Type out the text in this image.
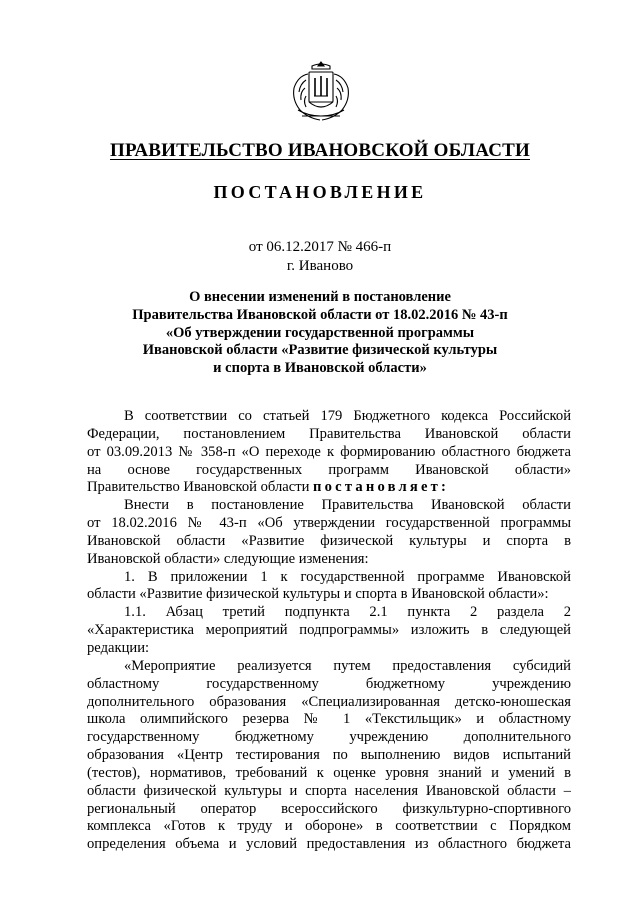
ПРАВИТЕЛЬСТВО ИВАНОВСКОЙ ОБЛАСТИ
ПОСТАНОВЛЕНИЕ
от 06.12.2017 № 466-п
г. Иваново
О внесении изменений в постановление
Правительства Ивановской области от 18.02.2016 № 43-п
«Об утверждении государственной программы
Ивановской области «Развитие физической культуры
и спорта в Ивановской области»
В соответствии со статьей 179 Бюджетного кодекса Российской
Федерации, постановлением Правительства Ивановской области
от 03.09.2013 № 358-п «О переходе к формированию областного бюджета
на основе государственных программ Ивановской области»
Правительство Ивановской области постановляет:
Внести в постановление Правительства Ивановской области
от 18.02.2016 № 43-п «Об утверждении государственной программы
Ивановской области «Развитие физической культуры и спорта в
Ивановской области» следующие изменения:
1. В приложении 1 к государственной программе Ивановской
области «Развитие физической культуры и спорта в Ивановской области»:
1.1. Абзац третий подпункта 2.1 пункта 2 раздела 2
«Характеристика мероприятий подпрограммы» изложить в следующей
редакции:
«Мероприятие реализуется путем предоставления субсидий
областному государственному бюджетному учреждению
дополнительного образования «Специализированная детско-юношеская
школа олимпийского резерва № 1 «Текстильщик» и областному
государственному бюджетному учреждению дополнительного
образования «Центр тестирования по выполнению видов испытаний
(тестов), нормативов, требований к оценке уровня знаний и умений в
области физической культуры и спорта населения Ивановской области –
региональный оператор всероссийского физкультурно-спортивного
комплекса «Готов к труду и обороне» в соответствии с Порядком
определения объема и условий предоставления из областного бюджета
